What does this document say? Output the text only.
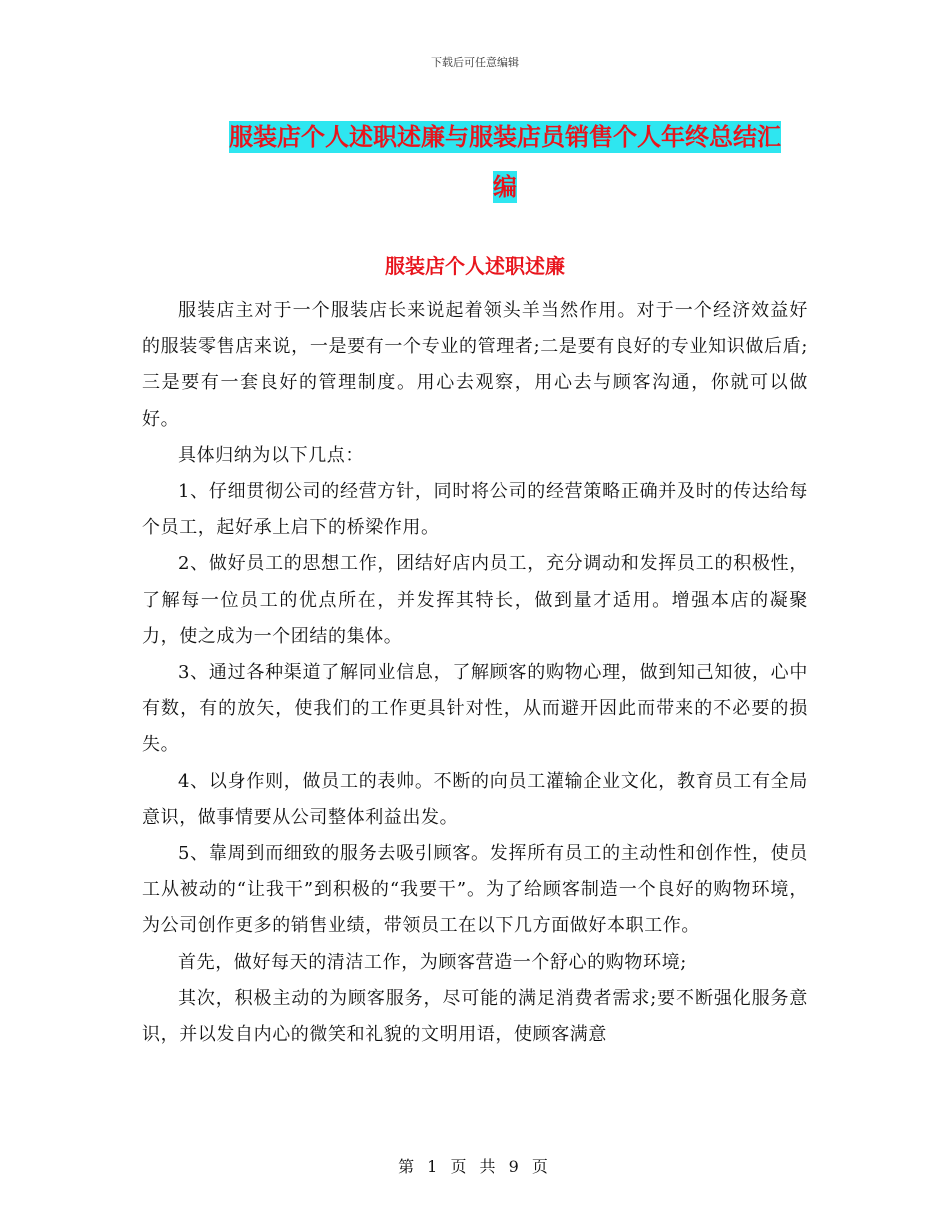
下载后可任意编辑
服装店个人述职述廉与服装店员销售个人年终总结汇
编
服装店个人述职述廉

服装店主对于一个服装店长来说起着领头羊当然作用。对于一个经济效益好的服装零售店来说，一是要有一个专业的管理者;二是要有良好的专业知识做后盾;三是要有一套良好的管理制度。用心去观察，用心去与顾客沟通，你就可以做好。

具体归纳为以下几点：

1、仔细贯彻公司的经营方针，同时将公司的经营策略正确并及时的传达给每个员工，起好承上启下的桥梁作用。

2、做好员工的思想工作，团结好店内员工，充分调动和发挥员工的积极性，了解每一位员工的优点所在，并发挥其特长，做到量才适用。增强本店的凝聚力，使之成为一个团结的集体。

3、通过各种渠道了解同业信息，了解顾客的购物心理，做到知己知彼，心中有数，有的放矢，使我们的工作更具针对性，从而避开因此而带来的不必要的损失。

4、以身作则，做员工的表帅。不断的向员工灌输企业文化，教育员工有全局意识，做事情要从公司整体利益出发。

5、靠周到而细致的服务去吸引顾客。发挥所有员工的主动性和创作性，使员工从被动的“让我干”到积极的“我要干”。为了给顾客制造一个良好的购物环境，为公司创作更多的销售业绩，带领员工在以下几方面做好本职工作。

首先，做好每天的清洁工作，为顾客营造一个舒心的购物环境;

其次，积极主动的为顾客服务，尽可能的满足消费者需求;要不断强化服务意识，并以发自内心的微笑和礼貌的文明用语，使顾客满意

第 1 页 共 9 页
